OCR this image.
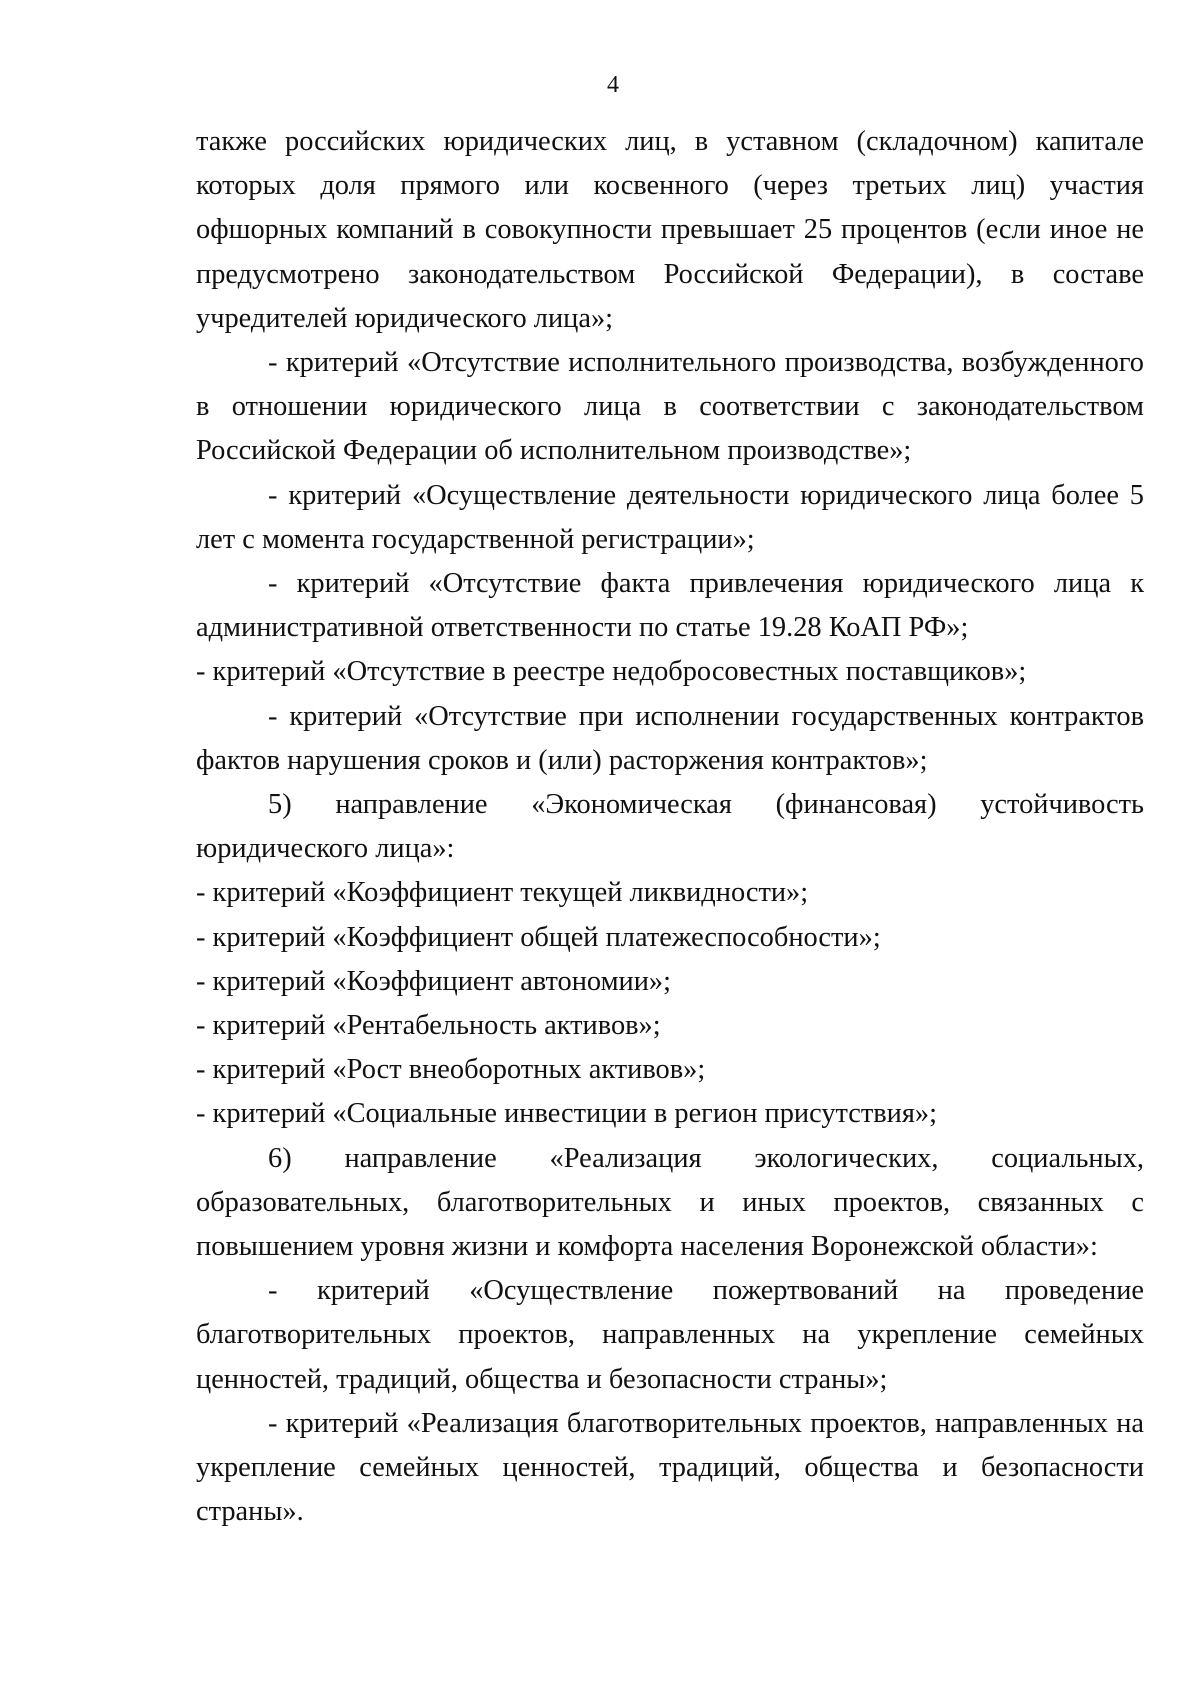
4

также российских юридических лиц, в уставном (складочном) капитале
которых доля прямого или косвенного (через третьих лиц) участия
офшорных компаний в совокупности превышает 25 процентов (если иное не
предусмотрено законодательством Российской Федерации), в составе
учредителей юридического лица»;

- критерий «Отсутствие исполнительного производства, возбужденного
в отношении юридического лица в соответствии с законодательством
Российской Федерации об исполнительном производстве»;

- критерий «Осуществление деятельности юридического лица более 5
лет с момента государственной регистрации»;

- критерий «Отсутствие факта привлечения юридического лица к
административной ответственности по статье 19.28 КоАП РФ»;

- критерий «Отсутствие в реестре недобросовестных поставщиков»;

- критерий «Отсутствие при исполнении государственных контрактов
фактов нарушения сроков и (или) расторжения контрактов»;

5) направление «Экономическая (финансовая) устойчивость
юридического лица»:

- критерий «Коэффициент текущей ликвидности»;

- критерий «Коэффициент общей платежеспособности»;

- критерий «Коэффициент автономии»;

- критерий «Рентабельность активов»;

- критерий «Рост внеоборотных активов»;

- критерий «Социальные инвестиции в регион присутствия»;

6) направление «Реализация экологических, социальных,
образовательных, благотворительных и иных проектов, связанных с
повышением уровня жизни и комфорта населения Воронежской области»:

- критерий «Осуществление пожертвований на проведение
благотворительных проектов, направленных на укрепление семейных
ценностей, традиций, общества и безопасности страны»;

- критерий «Реализация благотворительных проектов, направленных на
укрепление семейных ценностей, традиций, общества и безопасности
страны».
